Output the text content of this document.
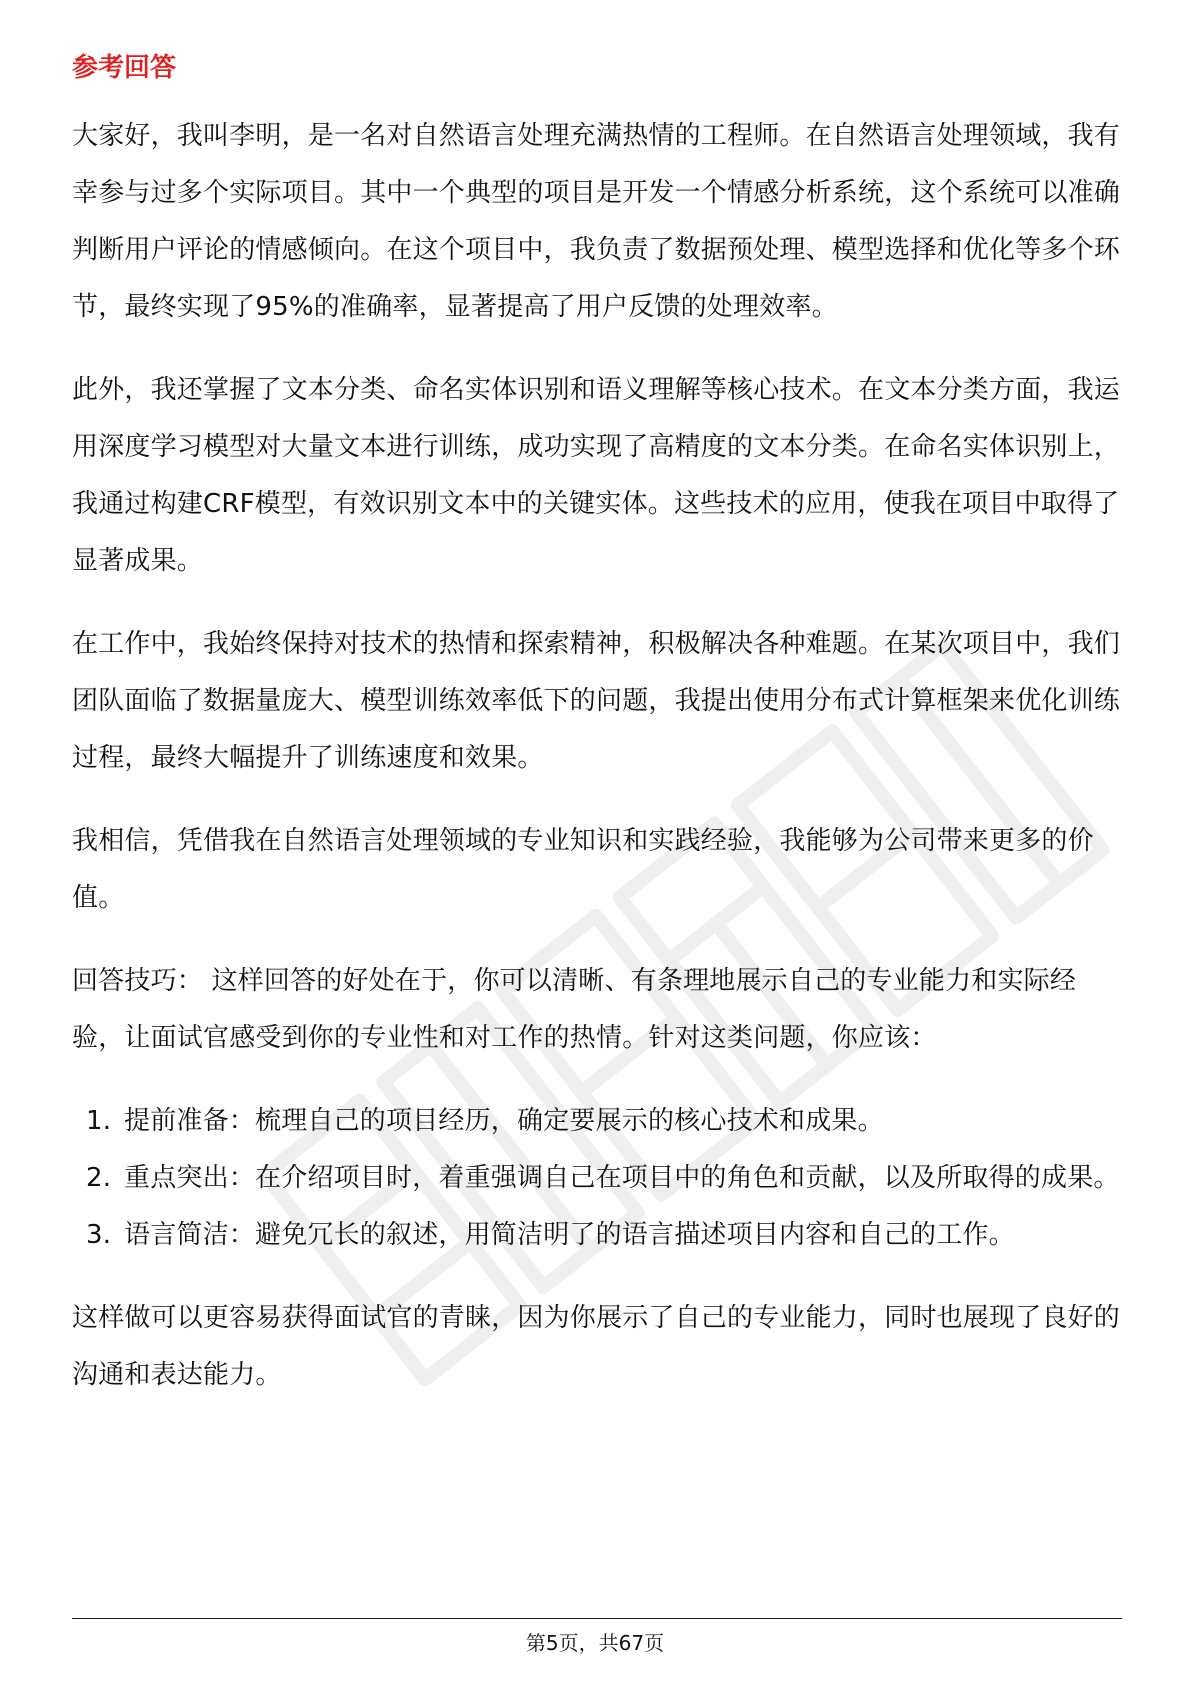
参考回答

大家好，我叫李明，是一名对自然语言处理充满热情的工程师。在自然语言处理领域，我有幸参与过多个实际项目。其中一个典型的项目是开发一个情感分析系统，这个系统可以准确判断用户评论的情感倾向。在这个项目中，我负责了数据预处理、模型选择和优化等多个环节，最终实现了95%的准确率，显著提高了用户反馈的处理效率。

此外，我还掌握了文本分类、命名实体识别和语义理解等核心技术。在文本分类方面，我运用深度学习模型对大量文本进行训练，成功实现了高精度的文本分类。在命名实体识别上，我通过构建CRF模型，有效识别文本中的关键实体。这些技术的应用，使我在项目中取得了显著成果。

在工作中，我始终保持对技术的热情和探索精神，积极解决各种难题。在某次项目中，我们团队面临了数据量庞大、模型训练效率低下的问题，我提出使用分布式计算框架来优化训练过程，最终大幅提升了训练速度和效果。

我相信，凭借我在自然语言处理领域的专业知识和实践经验，我能够为公司带来更多的价值。

回答技巧： 这样回答的好处在于，你可以清晰、有条理地展示自己的专业能力和实际经验，让面试官感受到你的专业性和对工作的热情。针对这类问题，你应该：

1. 提前准备：梳理自己的项目经历，确定要展示的核心技术和成果。
2. 重点突出：在介绍项目时，着重强调自己在项目中的角色和贡献，以及所取得的成果。
3. 语言简洁：避免冗长的叙述，用简洁明了的语言描述项目内容和自己的工作。

这样做可以更容易获得面试官的青睐，因为你展示了自己的专业能力，同时也展现了良好的沟通和表达能力。

第5页，共67页
